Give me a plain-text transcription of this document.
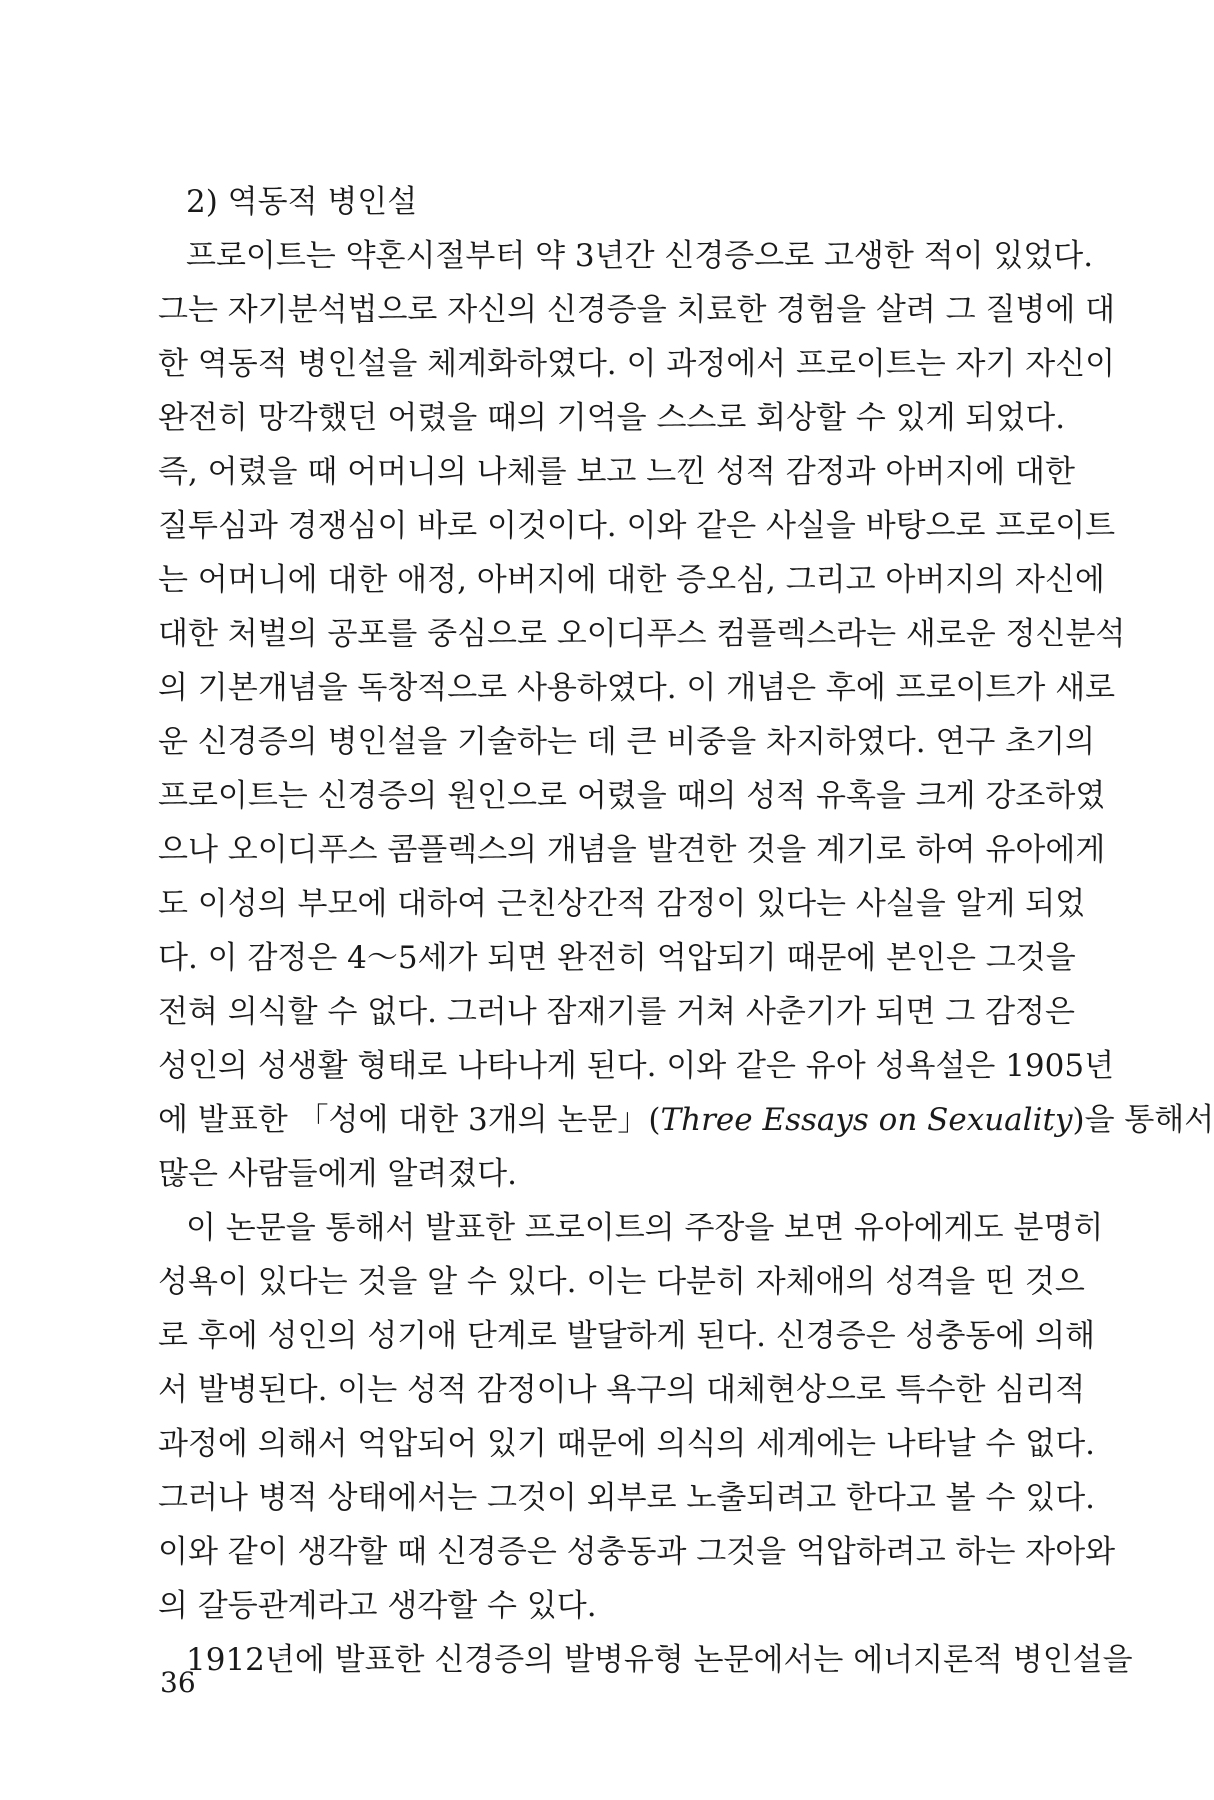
2) 역동적 병인설
프로이트는 약혼시절부터 약 3년간 신경증으로 고생한 적이 있었다.
그는 자기분석법으로 자신의 신경증을 치료한 경험을 살려 그 질병에 대
한 역동적 병인설을 체계화하였다. 이 과정에서 프로이트는 자기 자신이
완전히 망각했던 어렸을 때의 기억을 스스로 회상할 수 있게 되었다.
즉, 어렸을 때 어머니의 나체를 보고 느낀 성적 감정과 아버지에 대한
질투심과 경쟁심이 바로 이것이다. 이와 같은 사실을 바탕으로 프로이트
는 어머니에 대한 애정, 아버지에 대한 증오심, 그리고 아버지의 자신에
대한 처벌의 공포를 중심으로 오이디푸스 컴플렉스라는 새로운 정신분석
의 기본개념을 독창적으로 사용하였다. 이 개념은 후에 프로이트가 새로
운 신경증의 병인설을 기술하는 데 큰 비중을 차지하였다. 연구 초기의
프로이트는 신경증의 원인으로 어렸을 때의 성적 유혹을 크게 강조하였
으나 오이디푸스 콤플렉스의 개념을 발견한 것을 계기로 하여 유아에게
도 이성의 부모에 대하여 근친상간적 감정이 있다는 사실을 알게 되었
다. 이 감정은 4～5세가 되면 완전히 억압되기 때문에 본인은 그것을
전혀 의식할 수 없다. 그러나 잠재기를 거쳐 사춘기가 되면 그 감정은
성인의 성생활 형태로 나타나게 된다. 이와 같은 유아 성욕설은 1905년
에 발표한 「성에 대한 3개의 논문」(Three Essays on Sexuality)을 통해서
많은 사람들에게 알려졌다.
이 논문을 통해서 발표한 프로이트의 주장을 보면 유아에게도 분명히
성욕이 있다는 것을 알 수 있다. 이는 다분히 자체애의 성격을 띤 것으
로 후에 성인의 성기애 단계로 발달하게 된다. 신경증은 성충동에 의해
서 발병된다. 이는 성적 감정이나 욕구의 대체현상으로 특수한 심리적
과정에 의해서 억압되어 있기 때문에 의식의 세계에는 나타날 수 없다.
그러나 병적 상태에서는 그것이 외부로 노출되려고 한다고 볼 수 있다.
이와 같이 생각할 때 신경증은 성충동과 그것을 억압하려고 하는 자아와
의 갈등관계라고 생각할 수 있다.
1912년에 발표한 신경증의 발병유형 논문에서는 에너지론적 병인설을
36
